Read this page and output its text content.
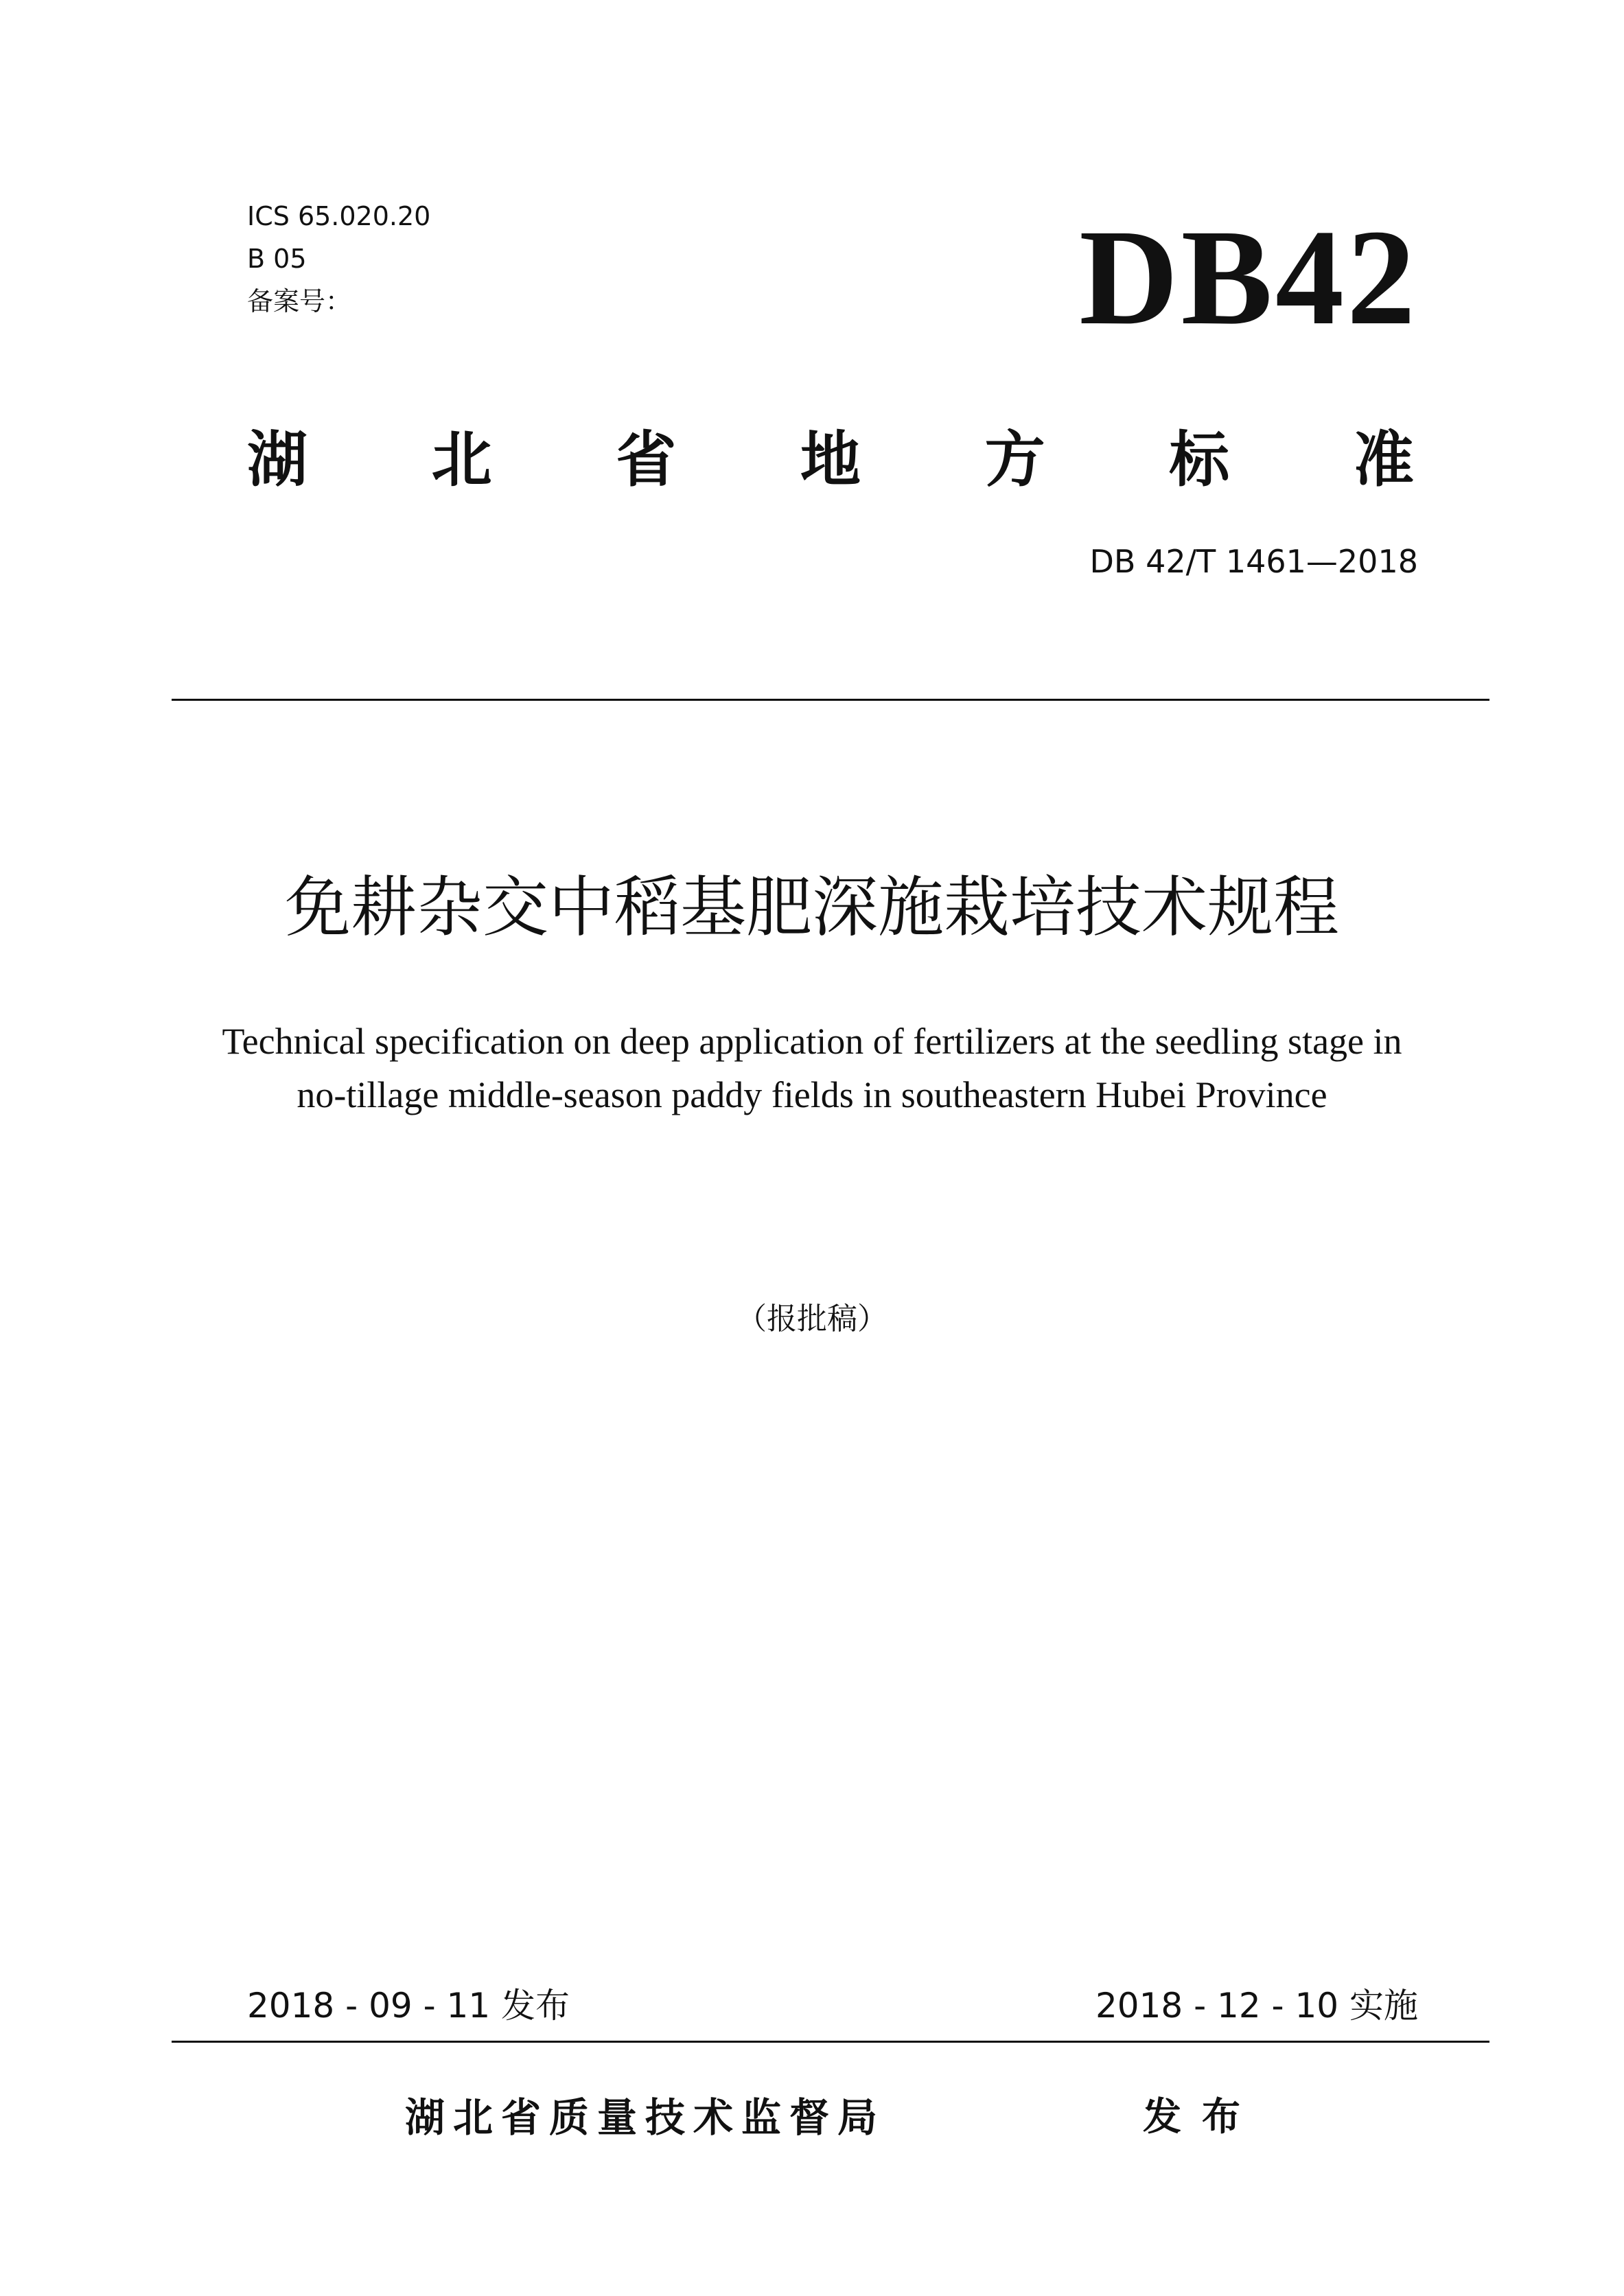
ICS 65.020.20
B 05
备案号：	DB42
湖 北 省 地 方 标 准
DB 42/T 1461—2018
免耕杂交中稻基肥深施栽培技术规程
Technical specification on deep application of fertilizers at the seedling stage in
no-tillage middle-season paddy fields in southeastern Hubei Province
（报批稿）
2018 - 09 - 11 发布	2018 - 12 - 10 实施
湖北省质量技术监督局	发布
